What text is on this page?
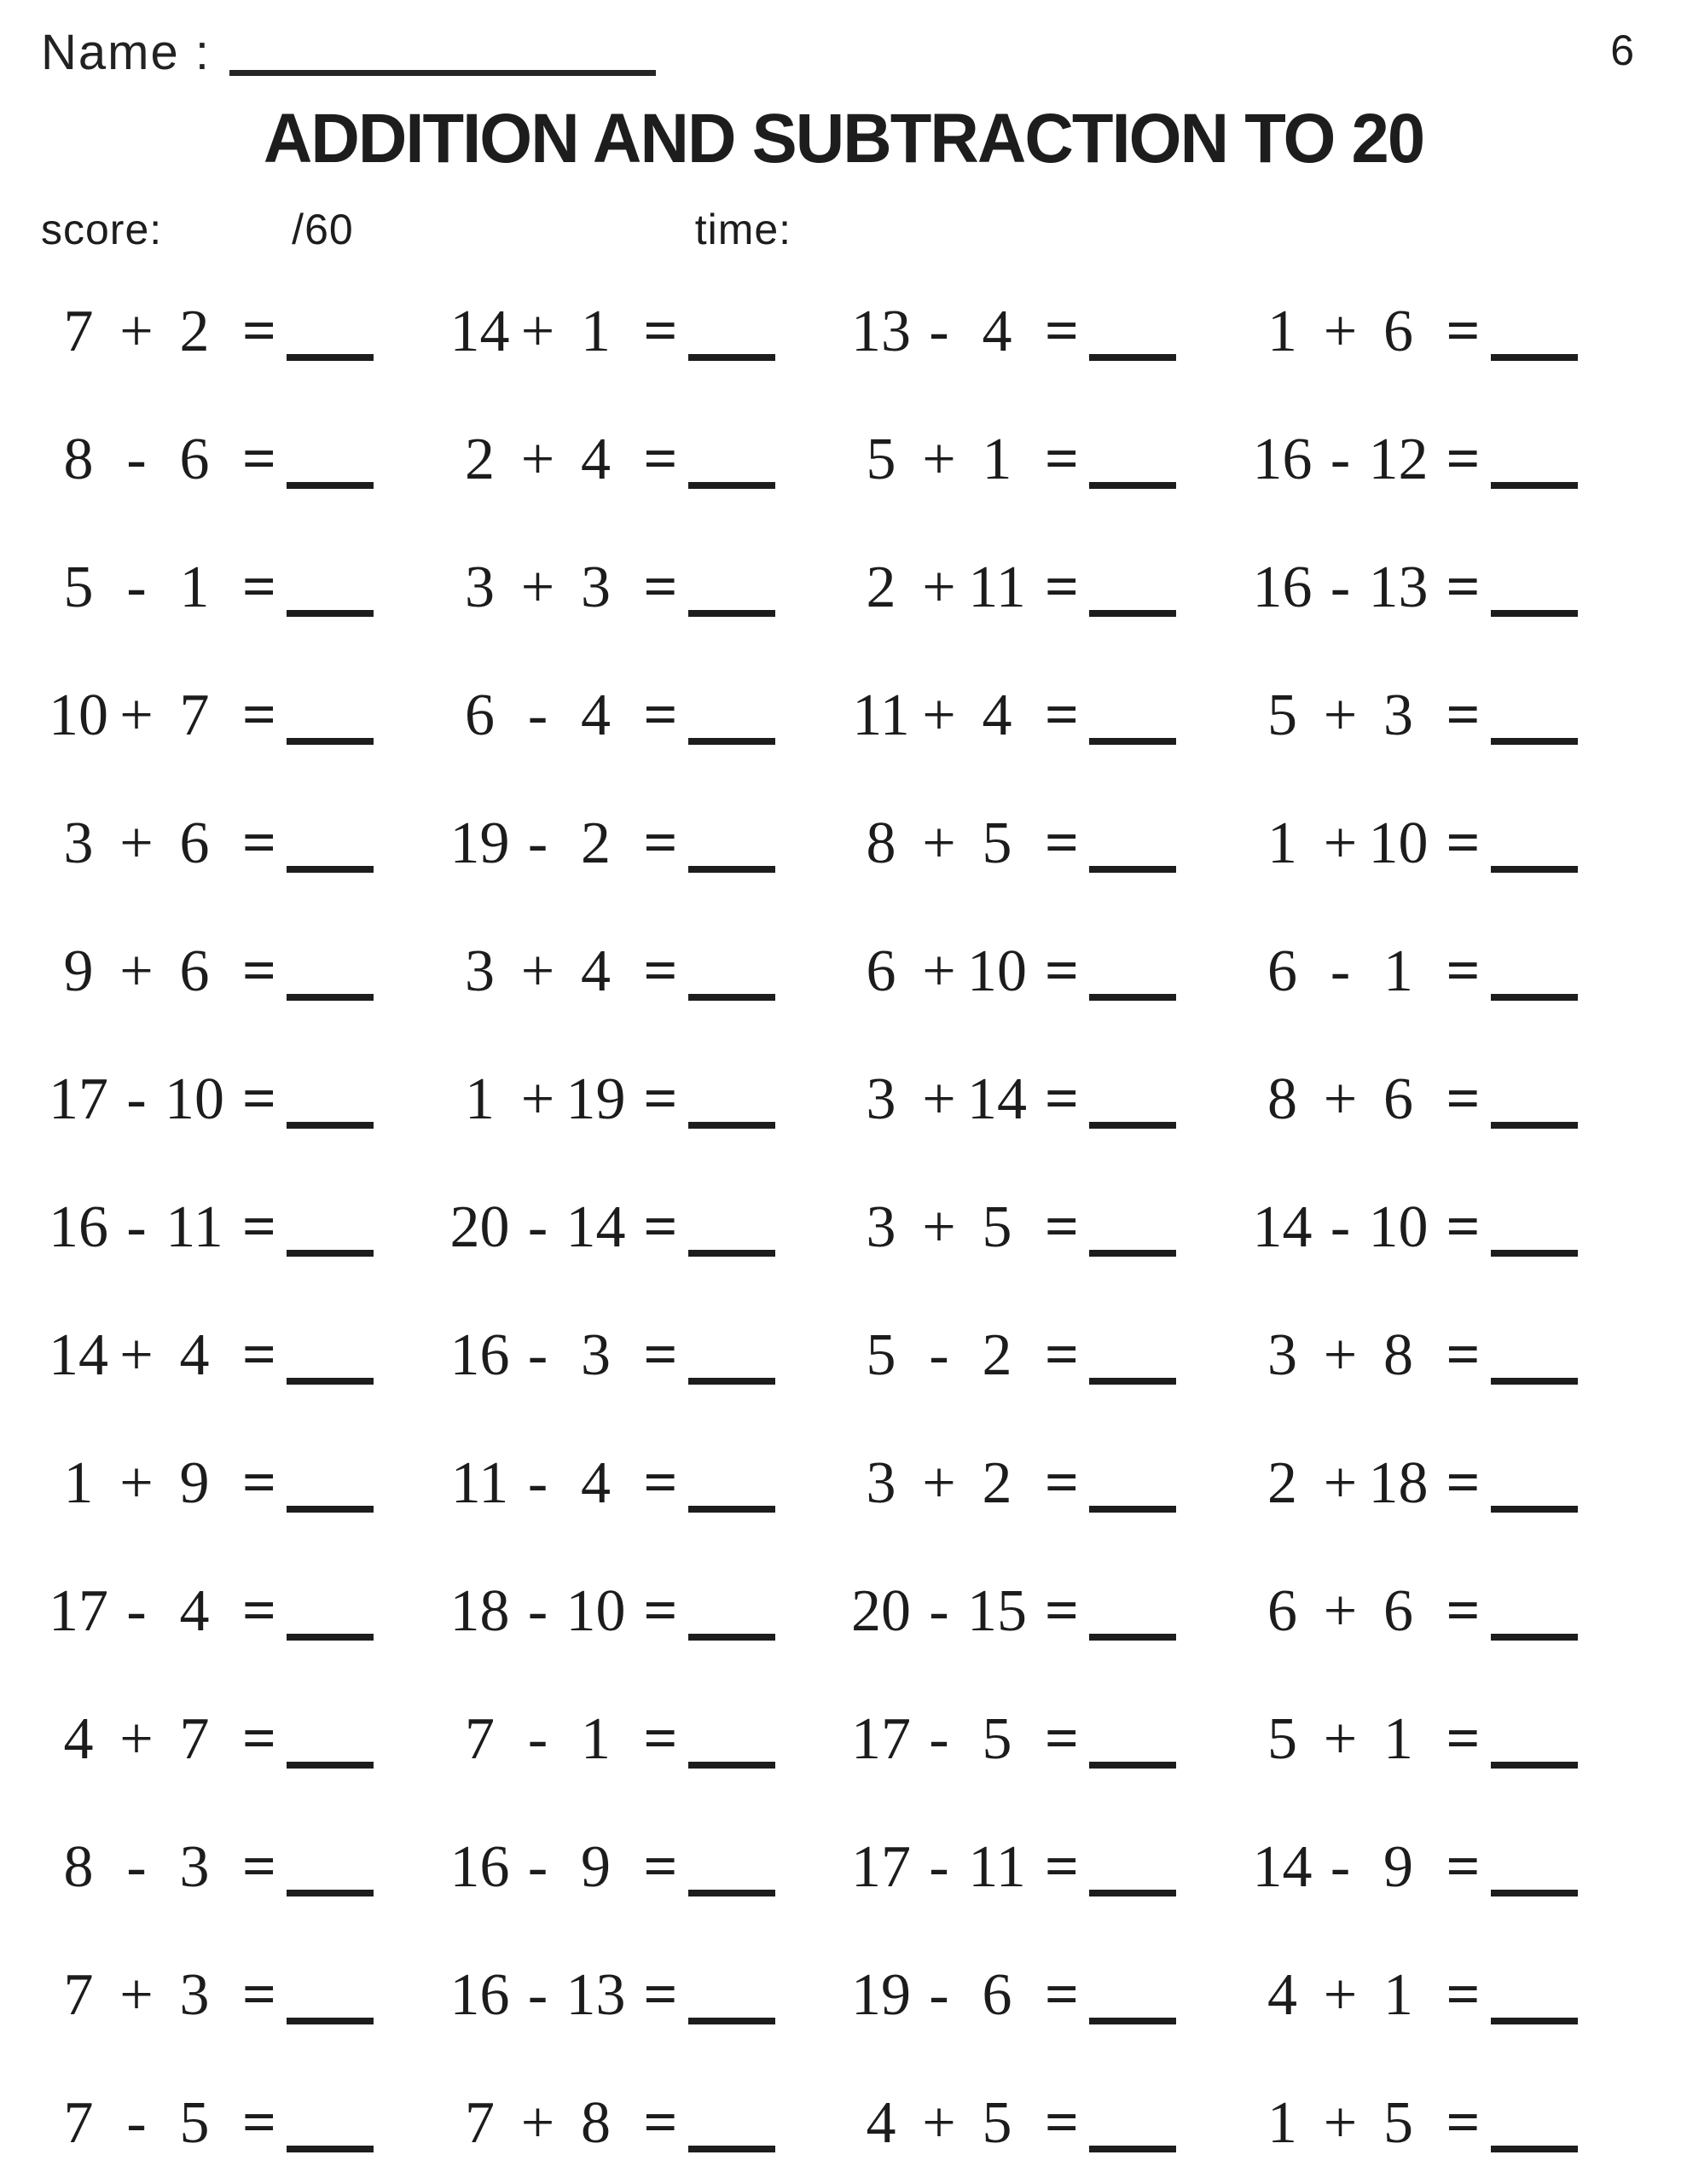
Name :	6
ADDITION AND SUBTRACTION TO 20
score:	/60	time:
7 + 2 =	14 + 1 =	13 - 4 =	1 + 6 =
8 - 6 =	2 + 4 =	5 + 1 =	16 - 12 =
5 - 1 =	3 + 3 =	2 + 11 =	16 - 13 =
10 + 7 =	6 - 4 =	11 + 4 =	5 + 3 =
3 + 6 =	19 - 2 =	8 + 5 =	1 + 10 =
9 + 6 =	3 + 4 =	6 + 10 =	6 - 1 =
17 - 10 =	1 + 19 =	3 + 14 =	8 + 6 =
16 - 11 =	20 - 14 =	3 + 5 =	14 - 10 =
14 + 4 =	16 - 3 =	5 - 2 =	3 + 8 =
1 + 9 =	11 - 4 =	3 + 2 =	2 + 18 =
17 - 4 =	18 - 10 =	20 - 15 =	6 + 6 =
4 + 7 =	7 - 1 =	17 - 5 =	5 + 1 =
8 - 3 =	16 - 9 =	17 - 11 =	14 - 9 =
7 + 3 =	16 - 13 =	19 - 6 =	4 + 1 =
7 - 5 =	7 + 8 =	4 + 5 =	1 + 5 =
